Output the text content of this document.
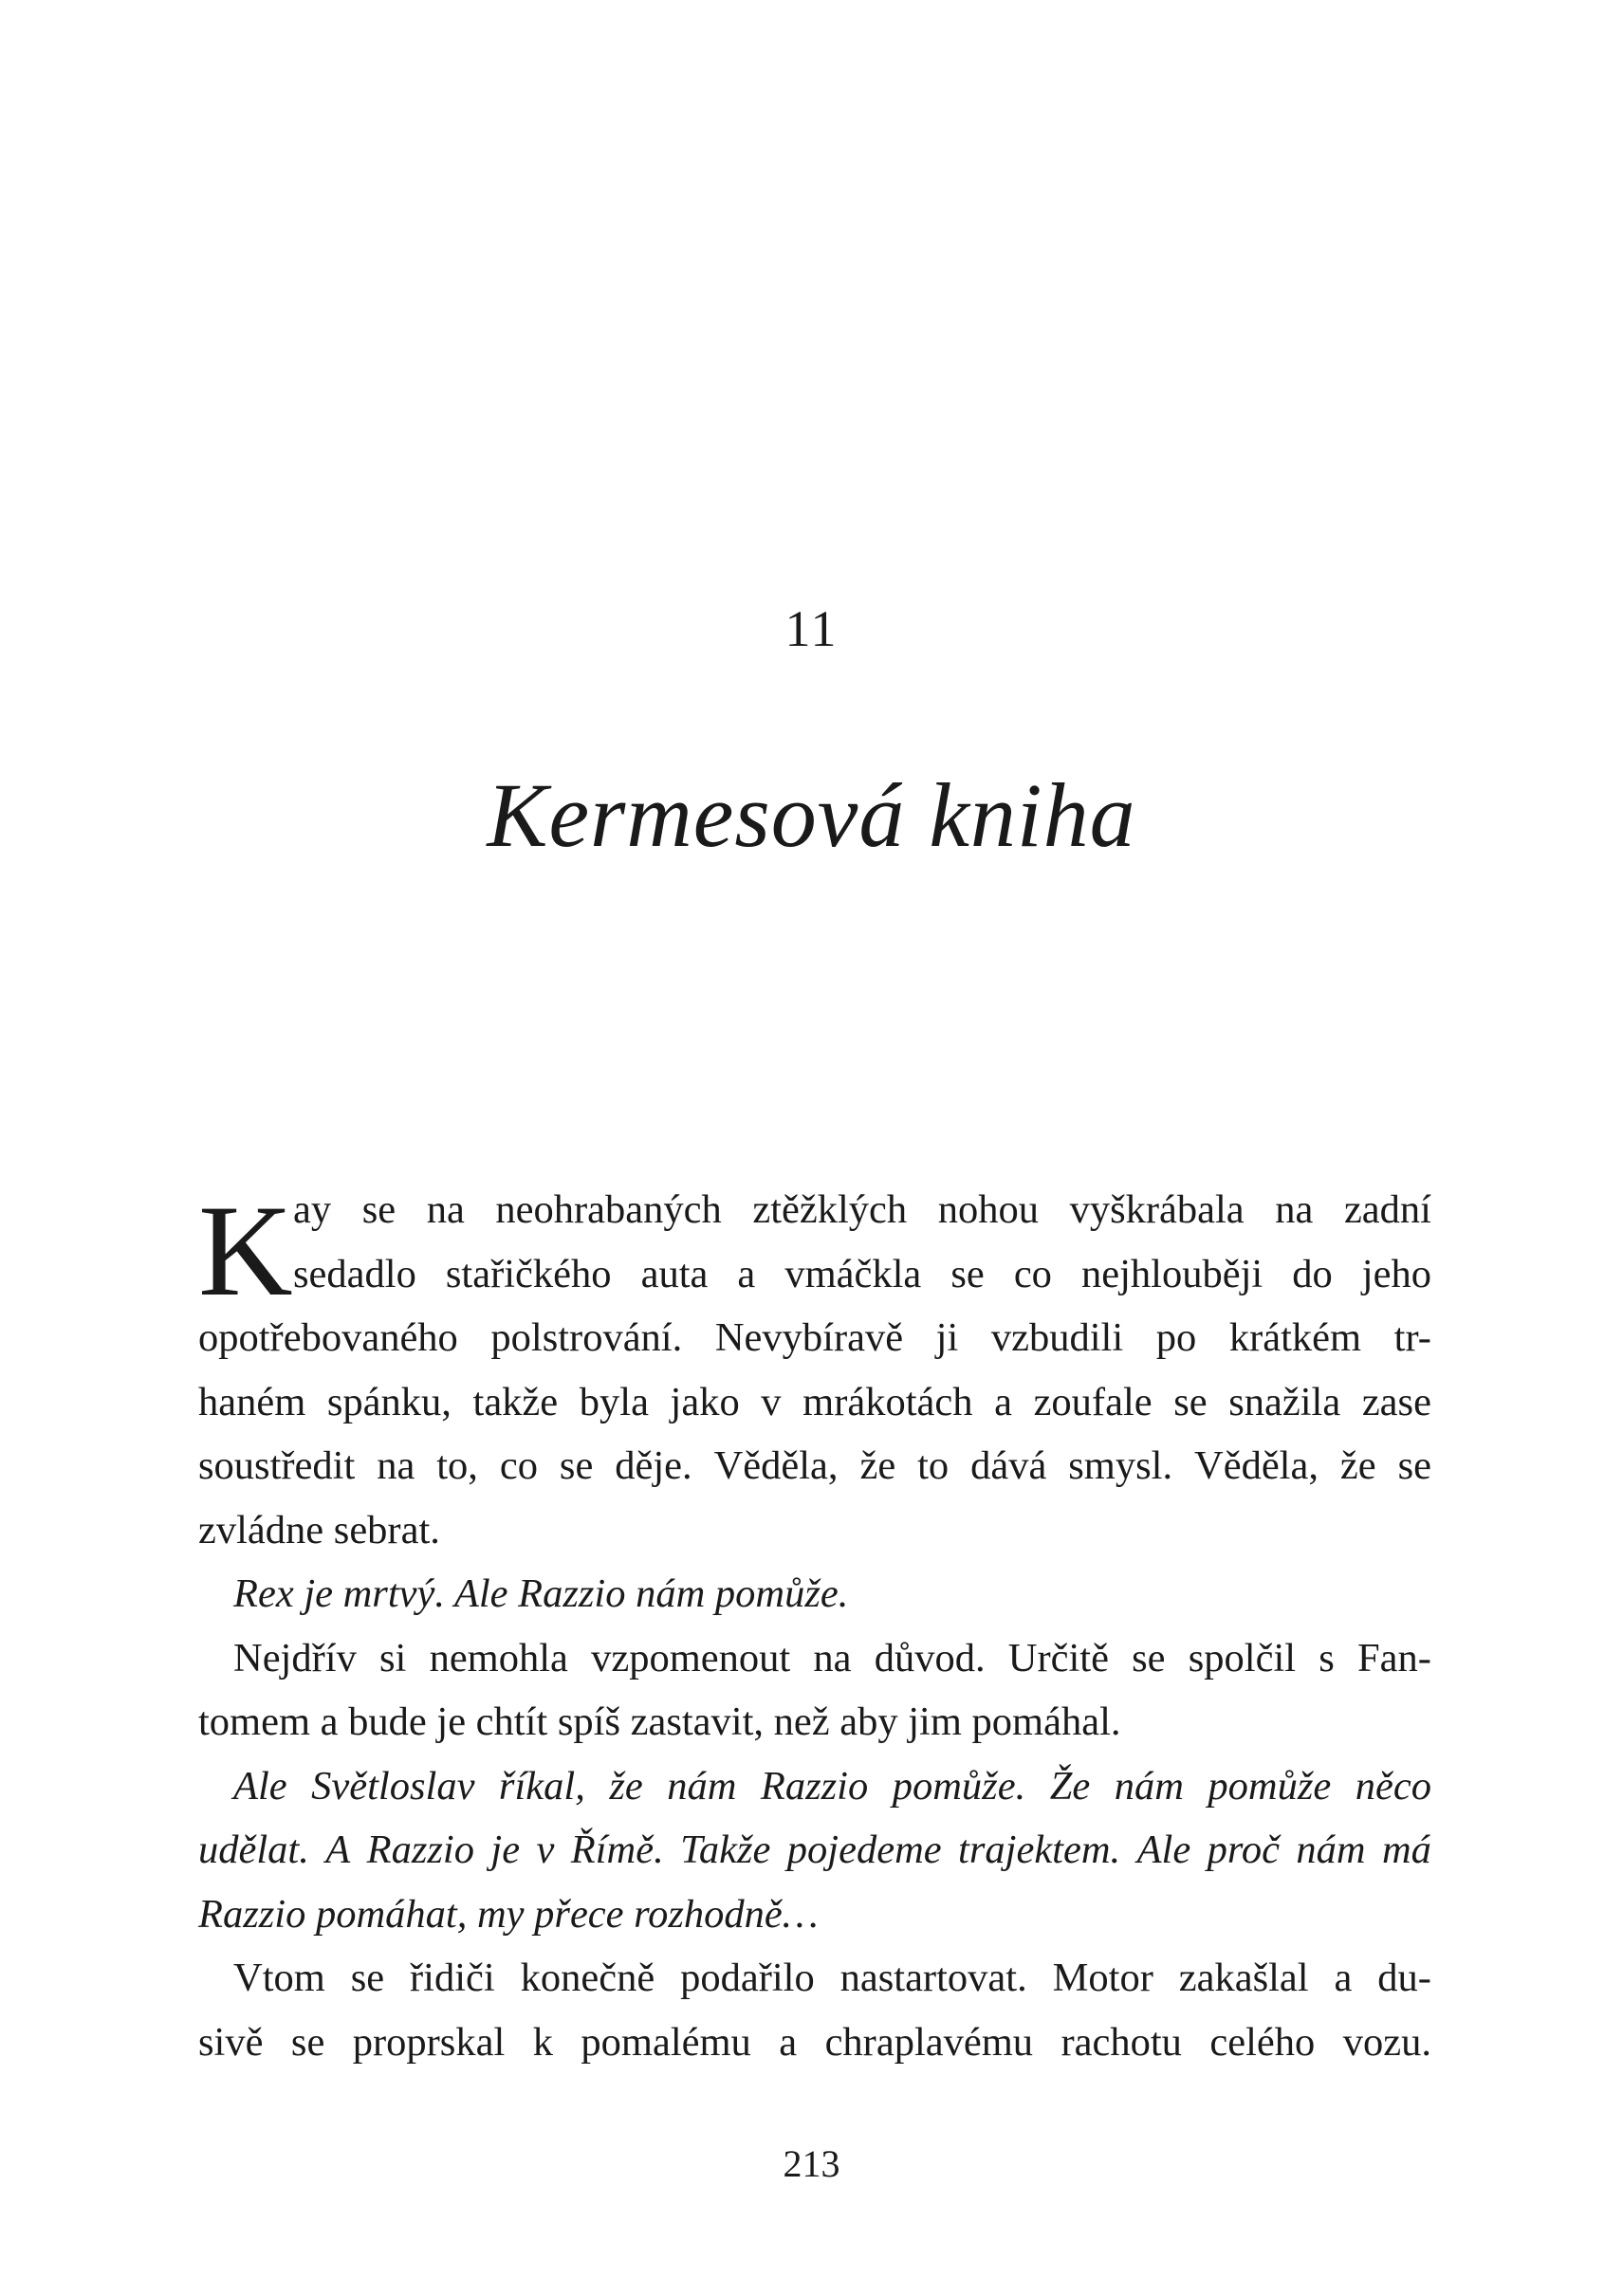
11
Kermesová kniha
K ay se na neohrabaných ztěžklých nohou vyškrábala na zadní
sedadlo stařičkého auta a vmáčkla se co nejhlouběji do jeho
opotřebovaného polstrování. Nevybíravě ji vzbudili po krátkém tr-
haném spánku, takže byla jako v mrákotách a zoufale se snažila zase
soustředit na to, co se děje. Věděla, že to dává smysl. Věděla, že se
zvládne sebrat.
Rex je mrtvý. Ale Razzio nám pomůže.
Nejdřív si nemohla vzpomenout na důvod. Určitě se spolčil s Fan-
tomem a bude je chtít spíš zastavit, než aby jim pomáhal.
Ale Světloslav říkal, že nám Razzio pomůže. Že nám pomůže něco
udělat. A Razzio je v Římě. Takže pojedeme trajektem. Ale proč nám má
Razzio pomáhat, my přece rozhodně…
Vtom se řidiči konečně podařilo nastartovat. Motor zakašlal a du-
sivě se proprskal k pomalému a chraplavému rachotu celého vozu.
213
